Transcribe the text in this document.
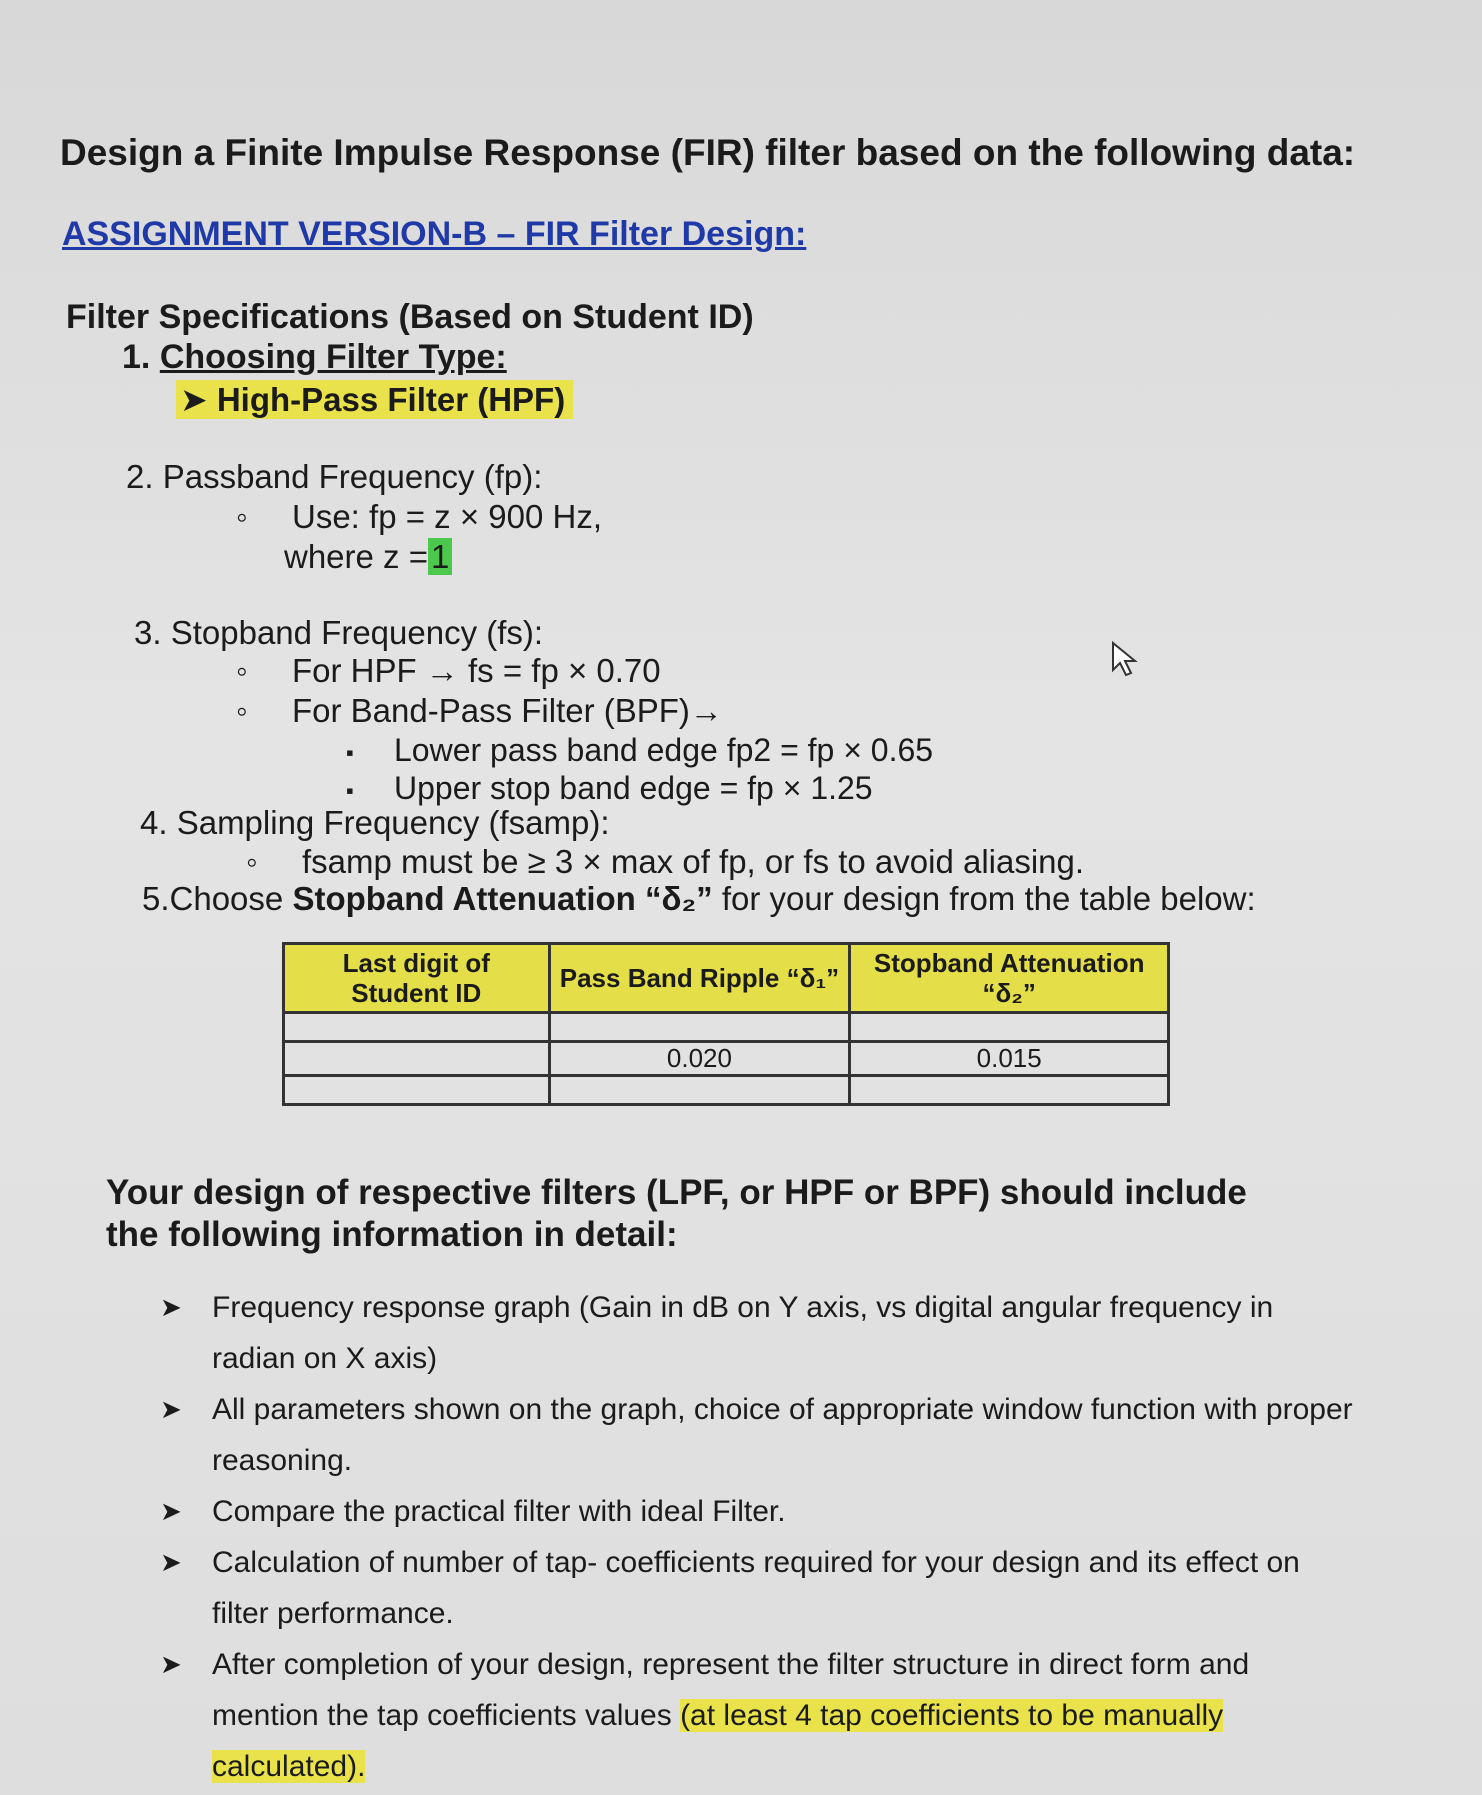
Design a Finite Impulse Response (FIR) filter based on the following data:
ASSIGNMENT VERSION-B – FIR Filter Design:
Filter Specifications (Based on Student ID)
1. Choosing Filter Type:
➤ High-Pass Filter (HPF)
2. Passband Frequency (fp):
◦ Use: fp = z × 900 Hz,
where z =1
3. Stopband Frequency (fs):
◦ For HPF → fs = fp × 0.70
◦ For Band-Pass Filter (BPF)→
▪ Lower pass band edge fp2 = fp × 0.65
▪ Upper stop band edge = fp × 1.25
4. Sampling Frequency (fsamp):
◦ fsamp must be ≥ 3 × max of fp, or fs to avoid aliasing.
5.Choose Stopband Attenuation “δ₂” for your design from the table below:
Last digit of Student ID	Pass Band Ripple “δ₁”	Stopband Attenuation “δ₂”

	0.020	0.015

Your design of respective filters (LPF, or HPF or BPF) should include the following information in detail:
➤ Frequency response graph (Gain in dB on Y axis, vs digital angular frequency in radian on X axis)
➤ All parameters shown on the graph, choice of appropriate window function with proper reasoning.
➤ Compare the practical filter with ideal Filter.
➤ Calculation of number of tap- coefficients required for your design and its effect on filter performance.
➤ After completion of your design, represent the filter structure in direct form and mention the tap coefficients values (at least 4 tap coefficients to be manually calculated).
